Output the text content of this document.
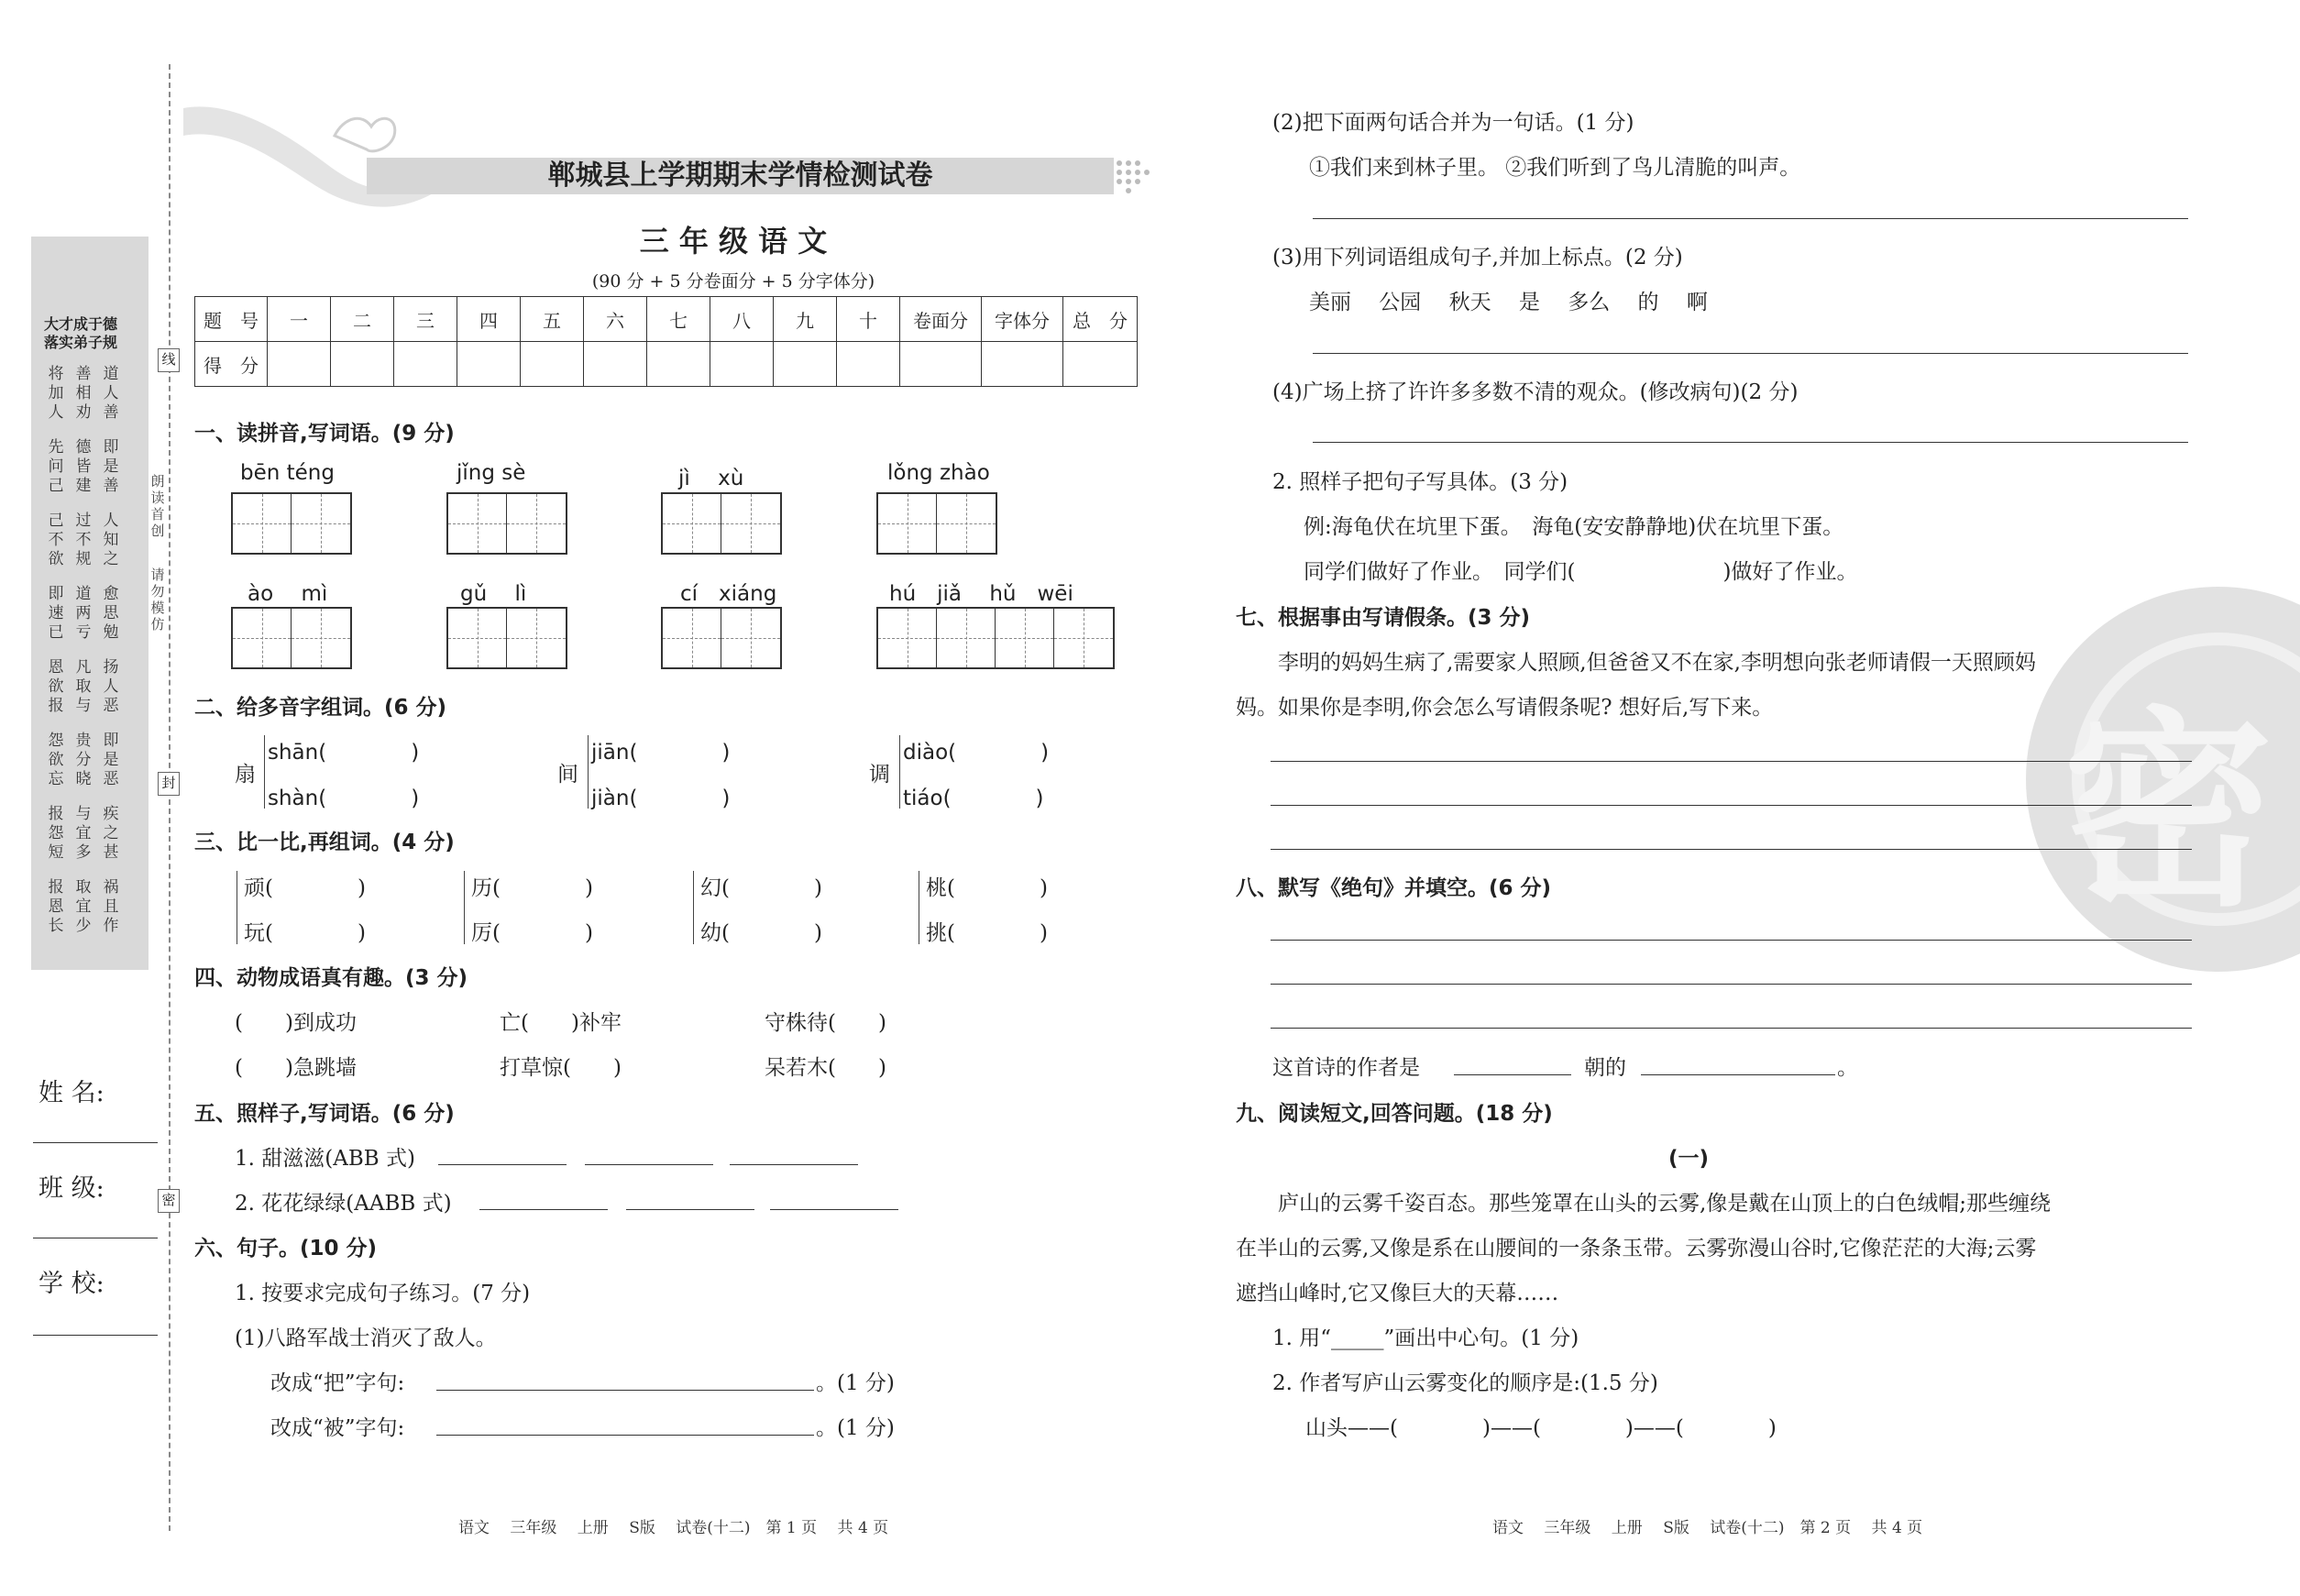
大才成于德
落实弟子规
将加人
善相劝
道人善
先问己
德皆建
即是善
己不欲
过不规
人知之
即速已
道两亏
愈思勉
恩欲报
凡取与
扬人恶
怨欲忘
贵分晓
即是恶
报怨短
与宜多
疾之甚
报恩长
取宜少
祸且作
朗读首创
请勿模仿
线
封
密
姓 名:
班 级:
学 校:
郸城县上学期期末学情检测试卷
三 年 级 语 文
(90 分 + 5 分卷面分 + 5 分字体分)
题　号	一	二	三	四	五	六	七	八	九	十	卷面分	字体分	总　分
得　分													
一、读拼音,写词语。(9 分)
bēn téng	jǐng sè	jì　 xù	lǒng zhào
ào　 mì	gǔ　 lì	cí　xiáng	hú　jiǎ　 hǔ　wēi
二、给多音字组词。(6 分)
扇
shān(　　　　)
shàn(　　　　)
间
jiān(　　　　)
jiàn(　　　　)
调
diào(　　　　)
tiáo(　　　　)
三、比一比,再组词。(4 分)
顽(　　　　)
玩(　　　　)
历(　　　　)
厉(　　　　)
幻(　　　　)
幼(　　　　)
桃(　　　　)
挑(　　　　)
四、动物成语真有趣。(3 分)
(　　)到成功	亡(　　)补牢	守株待(　　)
(　　)急跳墙	打草惊(　　)	呆若木(　　)
五、照样子,写词语。(6 分)
1. 甜滋滋(ABB 式)
2. 花花绿绿(AABB 式)
六、句子。(10 分)
1. 按要求完成句子练习。(7 分)
(1)八路军战士消灭了敌人。
改成“把”字句:	。(1 分)
改成“被”字句:	。(1 分)
语文　 三年级　 上册　 S版　 试卷(十二)　第 1 页　 共 4 页
密
(2)把下面两句话合并为一句话。(1 分)
①我们来到林子里。 ②我们听到了鸟儿清脆的叫声。
(3)用下列词语组成句子,并加上标点。(2 分)
美丽　 公园　 秋天　 是　 多么　 的　 啊
(4)广场上挤了许许多多数不清的观众。(修改病句)(2 分)
2. 照样子把句子写具体。(3 分)
例:海龟伏在坑里下蛋。　海龟(安安静静地)伏在坑里下蛋。
同学们做好了作业。　同学们(　　　　　　　)做好了作业。
七、根据事由写请假条。(3 分)
李明的妈妈生病了,需要家人照顾,但爸爸又不在家,李明想向张老师请假一天照顾妈
妈。如果你是李明,你会怎么写请假条呢? 想好后,写下来。
八、默写《绝句》并填空。(6 分)
这首诗的作者是	朝的	。
九、阅读短文,回答问题。(18 分)
(一)
庐山的云雾千姿百态。那些笼罩在山头的云雾,像是戴在山顶上的白色绒帽;那些缠绕
在半山的云雾,又像是系在山腰间的一条条玉带。云雾弥漫山谷时,它像茫茫的大海;云雾
遮挡山峰时,它又像巨大的天幕……
1. 用“_____”画出中心句。(1 分)
2. 作者写庐山云雾变化的顺序是:(1.5 分)
山头——(　　　　)——(　　　　)——(　　　　)
语文　 三年级　 上册　 S版　 试卷(十二)　第 2 页　 共 4 页
